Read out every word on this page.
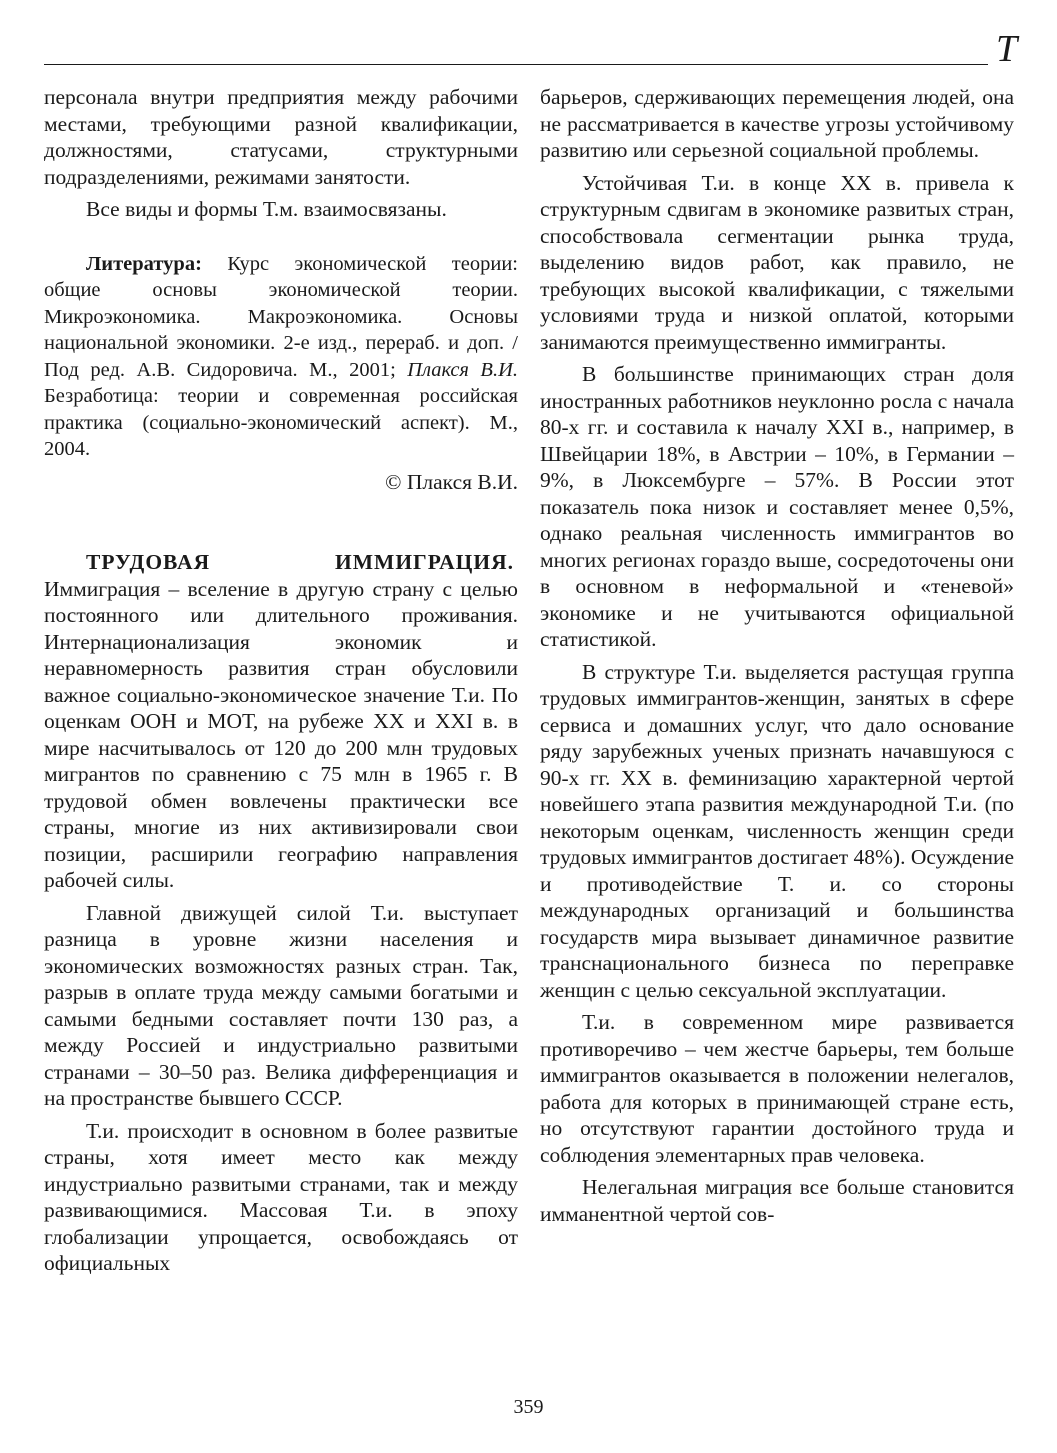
Т

персонала внутри предприятия между рабочими местами, требующими разной квалификации, должностями, статусами, структурными подразделениями, режимами занятости.

Все виды и формы Т.м. взаимосвязаны.

Литература: Курс экономической теории: общие основы экономической теории. Микроэкономика. Макроэкономика. Основы национальной экономики. 2-е изд., перераб. и доп. / Под ред. А.В. Сидоровича. М., 2001; Плакся В.И. Безработица: теории и современная российская практика (социально-экономический аспект). М., 2004.

© Плакся В.И.

ТРУДОВАЯ ИММИГРАЦИЯ.

Иммиграция – вселение в другую страну с целью постоянного или длительного проживания. Интернационализация экономик и неравномерность развития стран обусловили важное социально-экономическое значение Т.и. По оценкам ООН и МОТ, на рубеже XX и XXI в. в мире насчитывалось от 120 до 200 млн трудовых мигрантов по сравнению с 75 млн в 1965 г. В трудовой обмен вовлечены практически все страны, многие из них активизировали свои позиции, расширили географию направления рабочей силы.

Главной движущей силой Т.и. выступает разница в уровне жизни населения и экономических возможностях разных стран. Так, разрыв в оплате труда между самыми богатыми и самыми бедными составляет почти 130 раз, а между Россией и индустриально развитыми странами – 30–50 раз. Велика дифференциация и на пространстве бывшего СССР.

Т.и. происходит в основном в более развитые страны, хотя имеет место как между индустриально развитыми странами, так и между развивающимися. Массовая Т.и. в эпоху глобализации упрощается, освобождаясь от официальных

барьеров, сдерживающих перемещения людей, она не рассматривается в качестве угрозы устойчивому развитию или серьезной социальной проблемы.

Устойчивая Т.и. в конце XX в. привела к структурным сдвигам в экономике развитых стран, способствовала сегментации рынка труда, выделению видов работ, как правило, не требующих высокой квалификации, с тяжелыми условиями труда и низкой оплатой, которыми занимаются преимущественно иммигранты.

В большинстве принимающих стран доля иностранных работников неуклонно росла с начала 80-х гг. и составила к началу XXI в., например, в Швейцарии 18%, в Австрии – 10%, в Германии – 9%, в Люксембурге – 57%. В России этот показатель пока низок и составляет менее 0,5%, однако реальная численность иммигрантов во многих регионах гораздо выше, сосредоточены они в основном в неформальной и «теневой» экономике и не учитываются официальной статистикой.

В структуре Т.и. выделяется растущая группа трудовых иммигрантов-женщин, занятых в сфере сервиса и домашних услуг, что дало основание ряду зарубежных ученых признать начавшуюся с 90-х гг. XX в. феминизацию характерной чертой новейшего этапа развития международной Т.и. (по некоторым оценкам, численность женщин среди трудовых иммигрантов достигает 48%). Осуждение и противодействие Т. и. со стороны международных организаций и большинства государств мира вызывает динамичное развитие транснационального бизнеса по переправке женщин с целью сексуальной эксплуатации.

Т.и. в современном мире развивается противоречиво – чем жестче барьеры, тем больше иммигрантов оказывается в положении нелегалов, работа для которых в принимающей стране есть, но отсутствуют гарантии достойного труда и соблюдения элементарных прав человека.

Нелегальная миграция все больше становится имманентной чертой сов-

359
